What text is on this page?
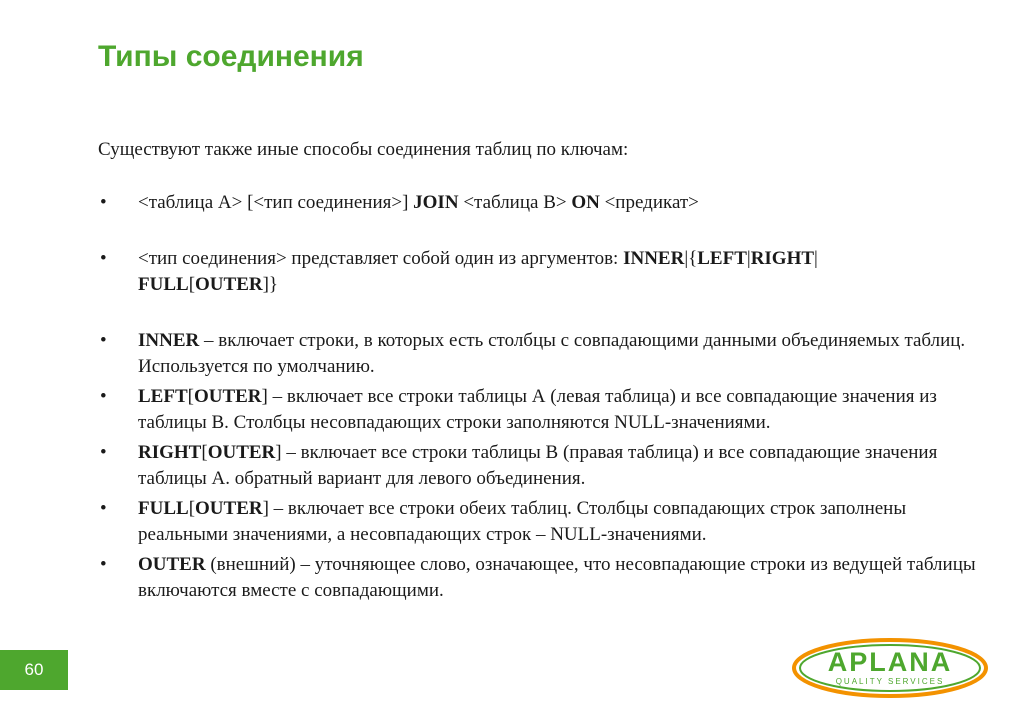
Типы соединения

Существуют также иные способы соединения таблиц по ключам:

• <таблица А> [<тип соединения>] JOIN <таблица В> ON <предикат>
• <тип соединения> представляет собой один из аргументов: INNER|{LEFT|RIGHT|
FULL[OUTER]}
• INNER – включает строки, в которых есть столбцы с совпадающими данными объединяемых таблиц. Используется по умолчанию.
• LEFT[OUTER] – включает все строки таблицы А (левая таблица) и все совпадающие значения из таблицы В. Столбцы несовпадающих строки заполняются NULL-значениями.
• RIGHT[OUTER] – включает все строки таблицы В (правая таблица) и все совпадающие значения таблицы А. обратный вариант для левого объединения.
• FULL[OUTER] – включает все строки обеих таблиц. Столбцы совпадающих строк заполнены реальными значениями, а несовпадающих строк – NULL-значениями.
• OUTER (внешний) – уточняющее слово, означающее, что несовпадающие строки из ведущей таблицы включаются вместе с совпадающими.
60	APLANA
QUALITY SERVICES
